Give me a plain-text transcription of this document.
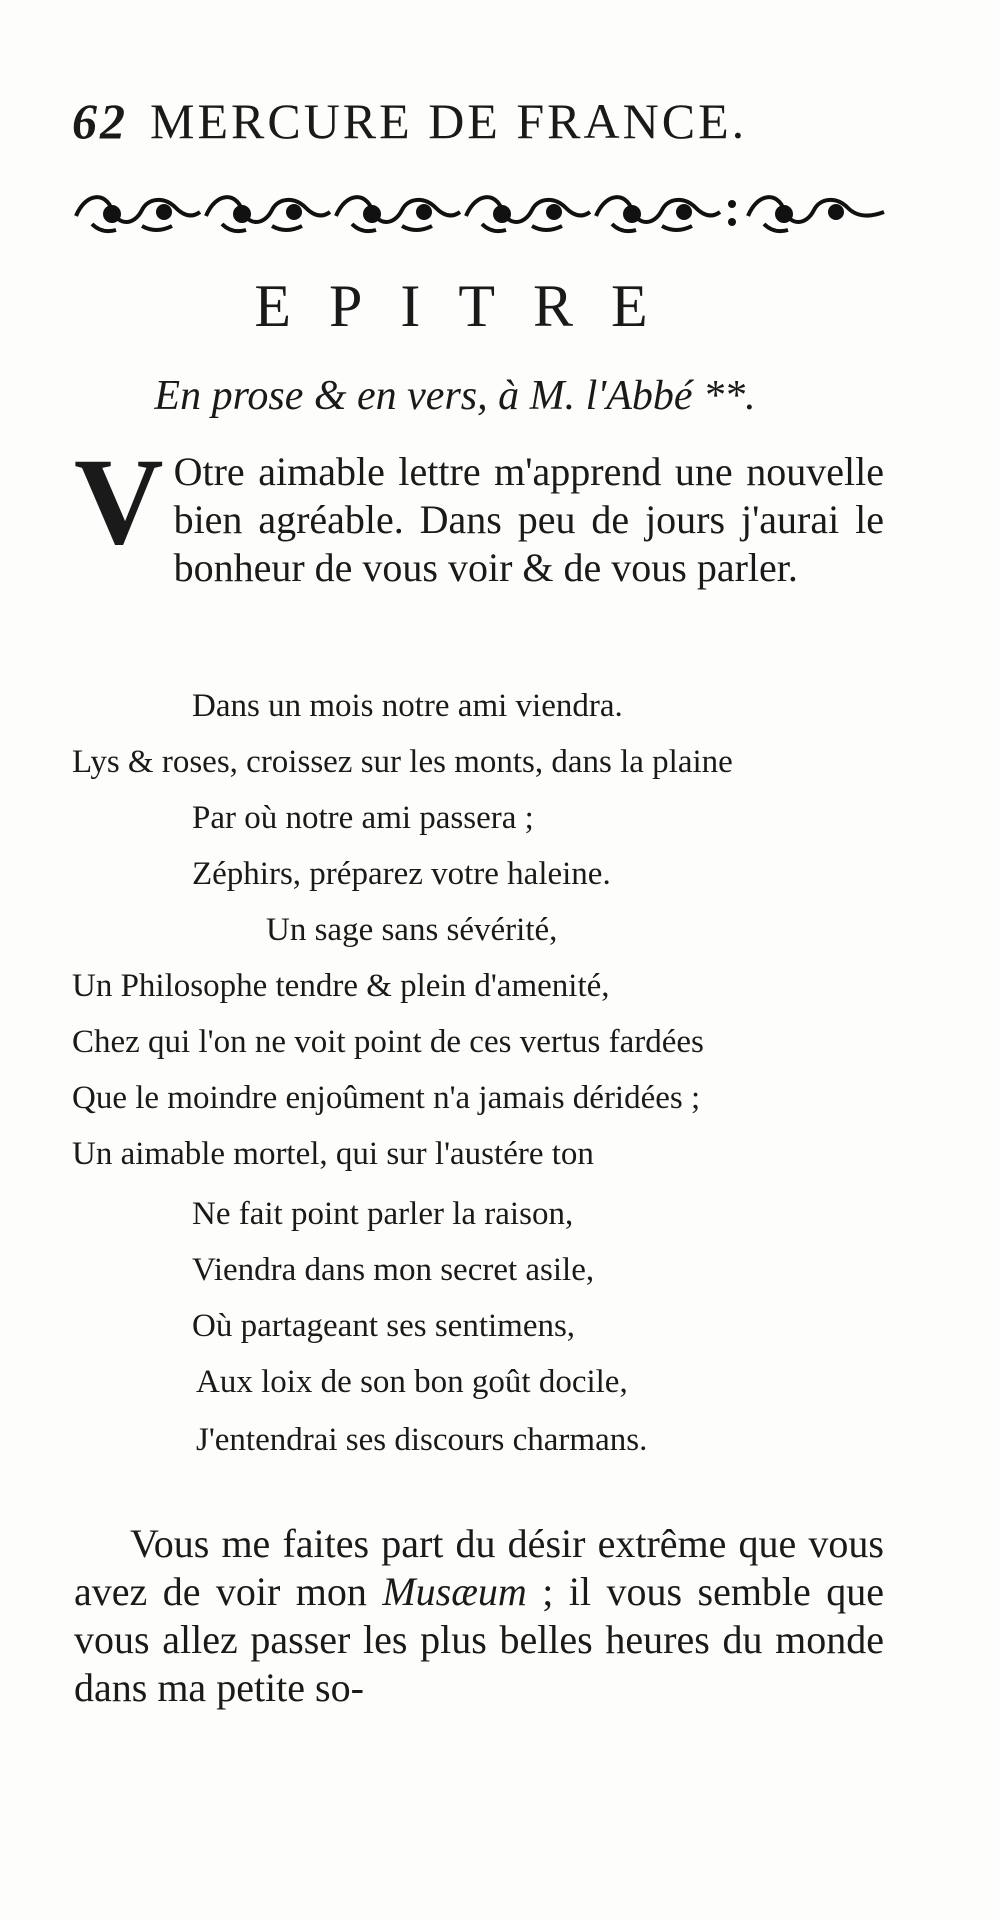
62 MERCURE DE FRANCE.
EPITRE
En prose & en vers, à M. l'Abbé **.
V Otre aimable lettre m'apprend une nouvelle bien agréable. Dans peu de jours j'aurai le bonheur de vous voir & de vous parler.
Dans un mois notre ami viendra.
Lys & roses, croissez sur les monts, dans la plaine
Par où notre ami passera ;
Zéphirs, préparez votre haleine.
Un sage sans sévérité,
Un Philosophe tendre & plein d'amenité,
Chez qui l'on ne voit point de ces vertus fardées
Que le moindre enjoûment n'a jamais déridées ;
Un aimable mortel, qui sur l'austére ton
Ne fait point parler la raison,
Viendra dans mon secret asile,
Où partageant ses sentimens,
Aux loix de son bon goût docile,
J'entendrai ses discours charmans.
Vous me faites part du désir extrême que vous avez de voir mon Musæum ; il vous semble que vous allez passer les plus belles heures du monde dans ma petite so-
